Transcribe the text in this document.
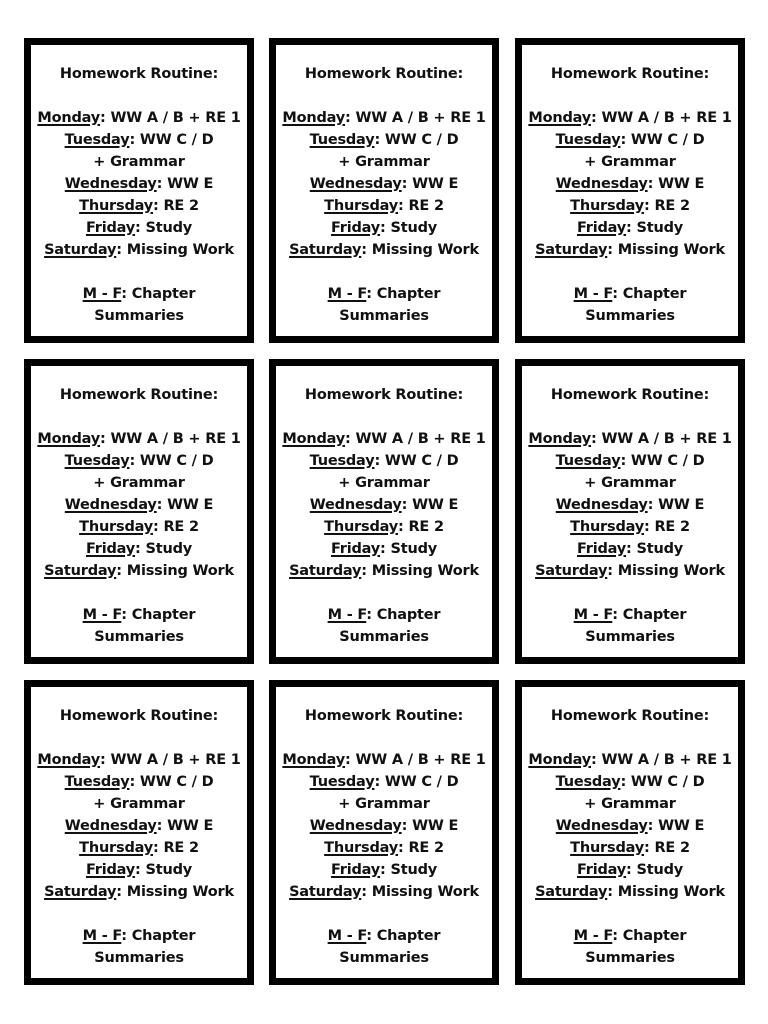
Homework Routine:
Monday: WW A / B + RE 1
Tuesday: WW C / D + Grammar
Wednesday: WW E
Thursday: RE 2
Friday: Study
Saturday: Missing Work
M - F: Chapter Summaries
Homework Routine:
Monday: WW A / B + RE 1
Tuesday: WW C / D + Grammar
Wednesday: WW E
Thursday: RE 2
Friday: Study
Saturday: Missing Work
M - F: Chapter Summaries
Homework Routine:
Monday: WW A / B + RE 1
Tuesday: WW C / D + Grammar
Wednesday: WW E
Thursday: RE 2
Friday: Study
Saturday: Missing Work
M - F: Chapter Summaries
Homework Routine:
Monday: WW A / B + RE 1
Tuesday: WW C / D + Grammar
Wednesday: WW E
Thursday: RE 2
Friday: Study
Saturday: Missing Work
M - F: Chapter Summaries
Homework Routine:
Monday: WW A / B + RE 1
Tuesday: WW C / D + Grammar
Wednesday: WW E
Thursday: RE 2
Friday: Study
Saturday: Missing Work
M - F: Chapter Summaries
Homework Routine:
Monday: WW A / B + RE 1
Tuesday: WW C / D + Grammar
Wednesday: WW E
Thursday: RE 2
Friday: Study
Saturday: Missing Work
M - F: Chapter Summaries
Homework Routine:
Monday: WW A / B + RE 1
Tuesday: WW C / D + Grammar
Wednesday: WW E
Thursday: RE 2
Friday: Study
Saturday: Missing Work
M - F: Chapter Summaries
Homework Routine:
Monday: WW A / B + RE 1
Tuesday: WW C / D + Grammar
Wednesday: WW E
Thursday: RE 2
Friday: Study
Saturday: Missing Work
M - F: Chapter Summaries
Homework Routine:
Monday: WW A / B + RE 1
Tuesday: WW C / D + Grammar
Wednesday: WW E
Thursday: RE 2
Friday: Study
Saturday: Missing Work
M - F: Chapter Summaries
